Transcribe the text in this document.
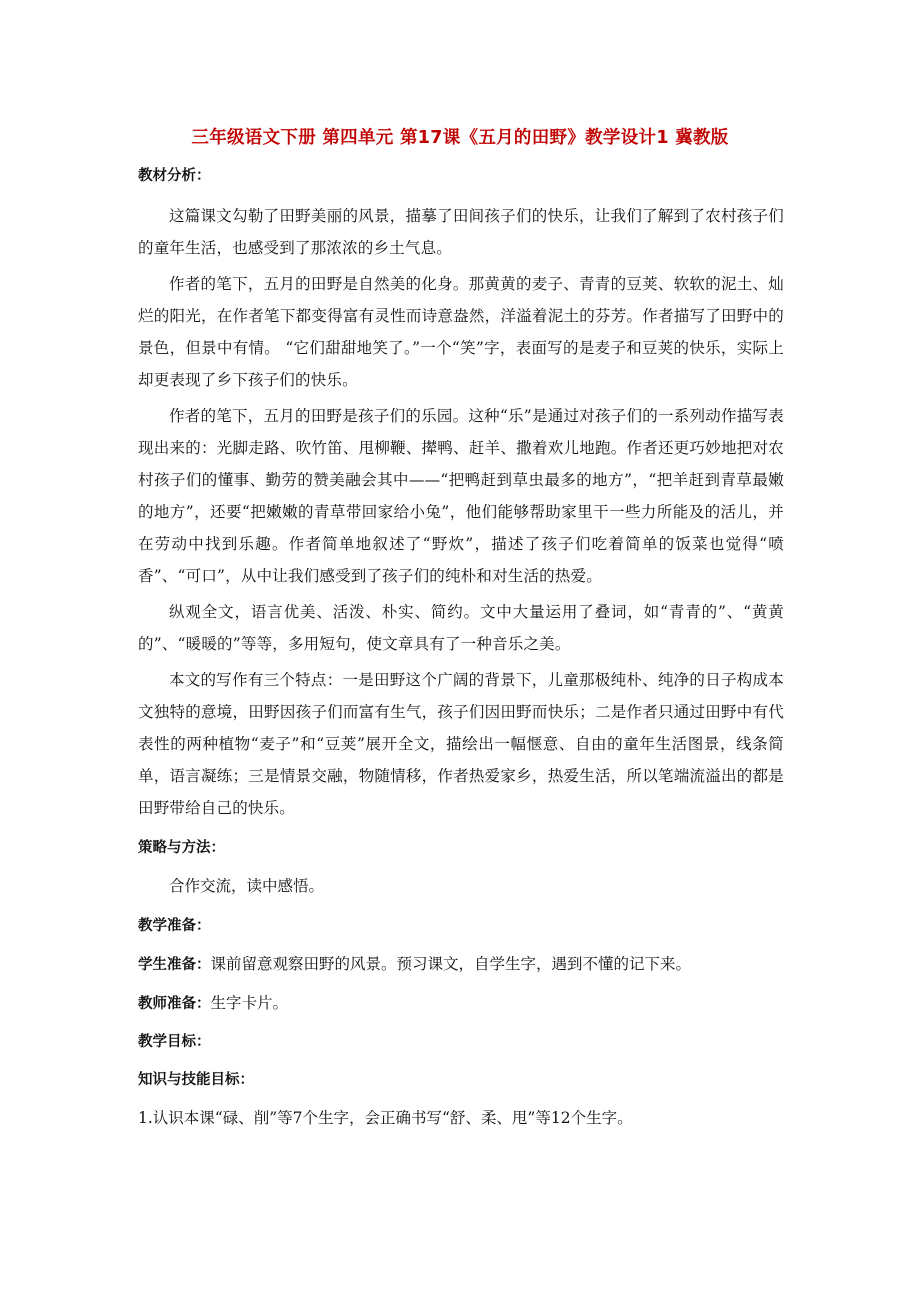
三年级语文下册 第四单元 第17课《五月的田野》教学设计1 冀教版

教材分析：

这篇课文勾勒了田野美丽的风景，描摹了田间孩子们的快乐，让我们了解到了农村孩子们的童年生活，也感受到了那浓浓的乡土气息。

作者的笔下，五月的田野是自然美的化身。那黄黄的麦子、青青的豆荚、软软的泥土、灿烂的阳光，在作者笔下都变得富有灵性而诗意盎然，洋溢着泥土的芬芳。作者描写了田野中的景色，但景中有情。 “它们甜甜地笑了。”一个“笑”字，表面写的是麦子和豆荚的快乐，实际上却更表现了乡下孩子们的快乐。

作者的笔下，五月的田野是孩子们的乐园。这种“乐”是通过对孩子们的一系列动作描写表现出来的：光脚走路、吹竹笛、甩柳鞭、撵鸭、赶羊、撒着欢儿地跑。作者还更巧妙地把对农村孩子们的懂事、勤劳的赞美融会其中——“把鸭赶到草虫最多的地方”，“把羊赶到青草最嫩的地方”，还要“把嫩嫩的青草带回家给小兔”，他们能够帮助家里干一些力所能及的活儿，并在劳动中找到乐趣。作者简单地叙述了“野炊”，描述了孩子们吃着简单的饭菜也觉得“喷香”、“可口”，从中让我们感受到了孩子们的纯朴和对生活的热爱。

纵观全文，语言优美、活泼、朴实、简约。文中大量运用了叠词，如“青青的”、“黄黄的”、“暖暖的”等等，多用短句，使文章具有了一种音乐之美。

本文的写作有三个特点：一是田野这个广阔的背景下，儿童那极纯朴、纯净的日子构成本文独特的意境，田野因孩子们而富有生气，孩子们因田野而快乐；二是作者只通过田野中有代表性的两种植物“麦子”和“豆荚”展开全文，描绘出一幅惬意、自由的童年生活图景，线条简单，语言凝练；三是情景交融，物随情移，作者热爱家乡，热爱生活，所以笔端流溢出的都是田野带给自己的快乐。

策略与方法：

合作交流，读中感悟。

教学准备：

学生准备：课前留意观察田野的风景。预习课文，自学生字，遇到不懂的记下来。

教师准备：生字卡片。

教学目标：

知识与技能目标：

1.认识本课“碌、削”等7个生字，会正确书写“舒、柔、甩”等12个生字。
